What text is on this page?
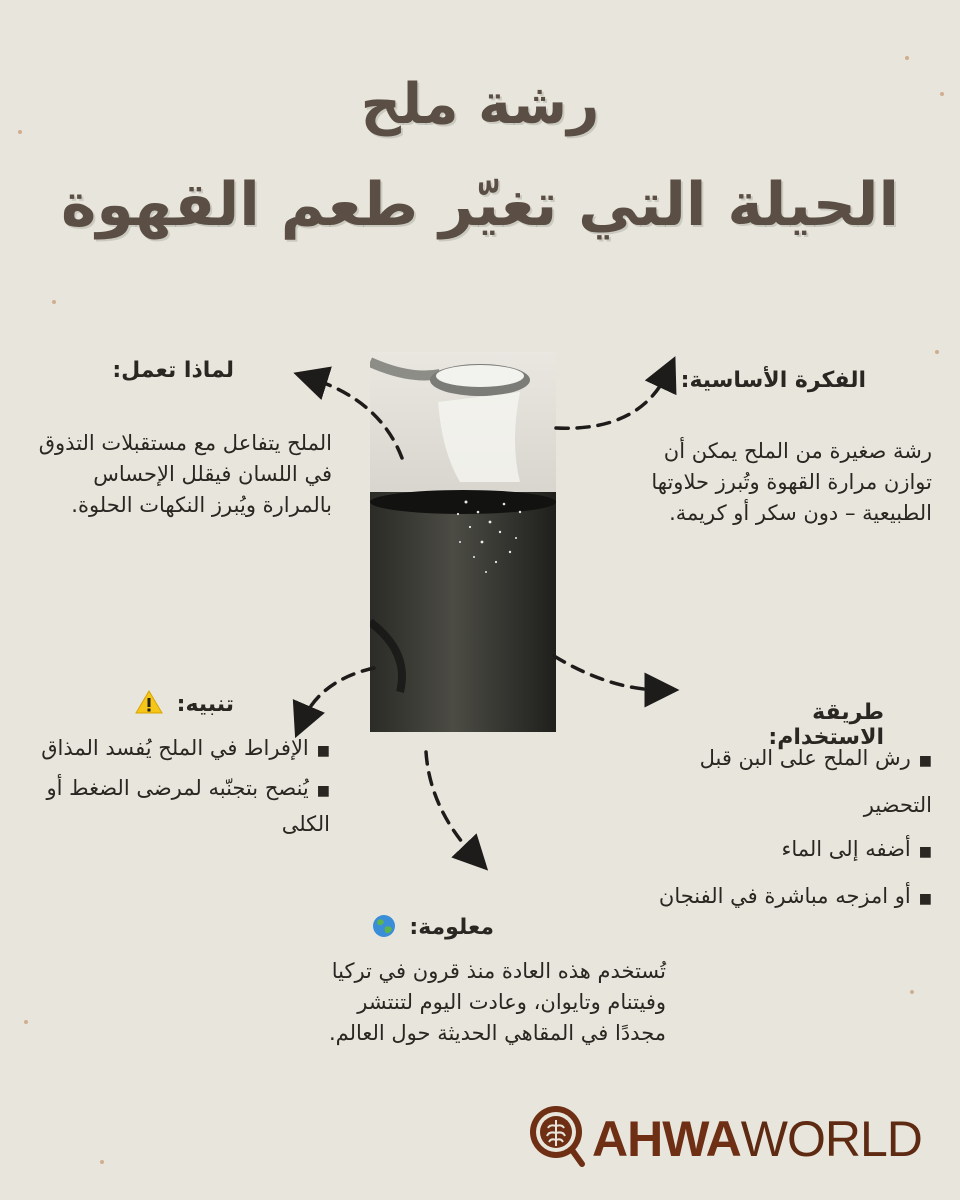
رشة ملح
الحيلة التي تغيّر طعم القهوة
لماذا تعمل:

الملح يتفاعل مع مستقبلات التذوق في اللسان فيقلل الإحساس بالمرارة ويُبرز النكهات الحلوة.

الفكرة الأساسية:

رشة صغيرة من الملح يمكن أن توازن مرارة القهوة وتُبرز حلاوتها الطبيعية – دون سكر أو كريمة.

تنبيه:
■الإفراط في الملح يُفسد المذاق
■يُنصح بتجنّبه لمرضى الضغط أو الكلى
طريقة الاستخدام:
■رش الملح على البن قبل التحضير
■أضفه إلى الماء
■أو امزجه مباشرة في الفنجان
معلومة:

تُستخدم هذه العادة منذ قرون في تركيا وفيتنام وتايوان، وعادت اليوم لتنتشر مجددًا في المقاهي الحديثة حول العالم.

AHWAWORLD
